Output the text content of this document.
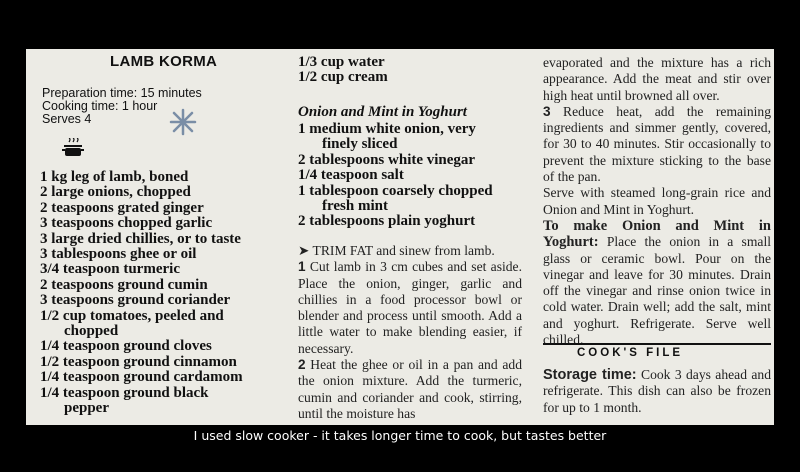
LAMB KORMA
Preparation time: 15 minutes
Cooking time: 1 hour
Serves 4
1 kg leg of lamb, boned
2 large onions, chopped
2 teaspoons grated ginger
3 teaspoons chopped garlic
3 large dried chillies, or to taste
3 tablespoons ghee or oil
3/4 teaspoon turmeric
2 teaspoons ground cumin
3 teaspoons ground coriander
1/2 cup tomatoes, peeled and
chopped
1/4 teaspoon ground cloves
1/2 teaspoon ground cinnamon
1/4 teaspoon ground cardamom
1/4 teaspoon ground black
pepper
1/3 cup water
1/2 cup cream
Onion and Mint in Yoghurt
1 medium white onion, very
finely sliced
2 tablespoons white vinegar
1/4 teaspoon salt
1 tablespoon coarsely chopped
fresh mint
2 tablespoons plain yoghurt
➤ TRIM FAT and sinew from lamb.
1 Cut lamb in 3 cm cubes and set aside. Place the onion, ginger, garlic and chillies in a food processor bowl or blender and process until smooth. Add a little water to make blending easier, if necessary.
2 Heat the ghee or oil in a pan and add the onion mixture. Add the turmeric, cumin and coriander and cook, stirring, until the moisture has
evaporated and the mixture has a rich appearance. Add the meat and stir over high heat until browned all over.
3 Reduce heat, add the remaining ingredients and simmer gently, covered, for 30 to 40 minutes. Stir occasionally to prevent the mixture sticking to the base of the pan.
Serve with steamed long-grain rice and Onion and Mint in Yoghurt.
To make Onion and Mint in Yoghurt: Place the onion in a small glass or ceramic bowl. Pour on the vinegar and leave for 30 minutes. Drain off the vinegar and rinse onion twice in cold water. Drain well; add the salt, mint and yoghurt. Refrigerate. Serve well chilled.
COOK'S FILE
Storage time: Cook 3 days ahead and refrigerate. This dish can also be frozen for up to 1 month.
I used slow cooker - it takes longer time to cook, but tastes better
